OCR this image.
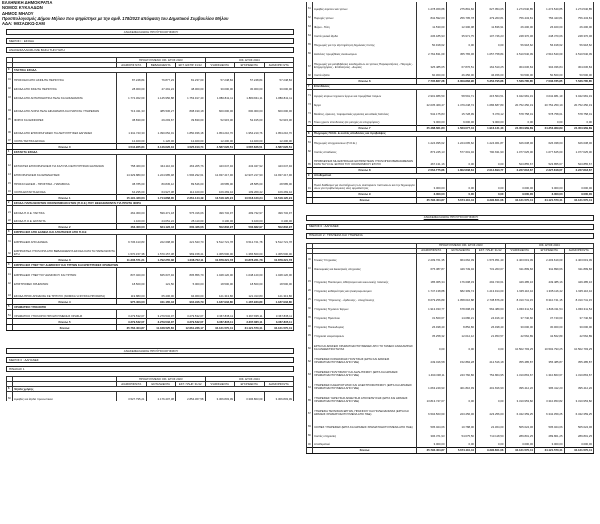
ΕΛΛΗΝΙΚΗ ΔΗΜΟΚΡΑΤΙΑ
ΝΟΜΟΣ ΚΥΚΛΑΔΩΝ
ΔΗΜΟΣ ΜΗΛΟΥ
Προϋπολογισμός Δήμου Μήλου που ψηφίστηκε με την αριθ. 178/2023 απόφαση του Δημοτικού Συμβουλίου Μήλου
ΑΔΑ: 9ΘΣΑΩΚΩ-ΣΑΜ
ΑΝΑΚΕΦΑΛΑΙΩΣΗ ΠΡΟΫΠΟΛΟΓΙΣΜΟΥ
ΜΕΡΟΣ Ι : ΕΣΟΔΑ
ΑΝΑΚΕΦΑΛΑΙΩΣΗ ΜΕ ΒΑΣΗ ΤΗΝ ΠΗΓΗ
		ΠΡΟΗΓΟΥΜΕΝΟ ΟΙΚ. ΕΤΟΣ 2023			ΟΙΚ. ΕΤΟΣ 2024		
		ΔΙΑΜΟΡΦ Ν/ΤΑ	ΒΕΒΑΙΩΘΕΝΤΑ	ΕΚΤ. ΕΙΣΠΡ. 31/12	ΨΗΦΙΣΘΕΝΤΑ	ΕΓΚΡΙΘΕΝΤΑ	ΔΙΑΜΟΡΦ Ν/ΤΑ
0	ΤΑΚΤΙΚΑ ΕΣΟΔΑ						
01	ΠΡΟΣΟΔΟΙ ΑΠΟ ΑΚΙΝΗΤΗ ΠΕΡΙΟΥΣΙΑ	87.248,84	76.877,23	81.237,00	57.248,84	57.248,84	57.248,84
02	ΕΣΟΔΑ ΑΠΟ ΚΙΝΗΤΗ ΠΕΡΙΟΥΣΙΑ	28.000,00	47.491,24	48.000,00	30.000,00	30.000,00	30.000,00
03	ΕΣΟΔΑ ΑΠΟ ΑΝΤΑΠΟΔΟΤΙΚΑ ΤΕΛΗ ΚΑΙ ΔΙΚΑΙΩΜΑΤΑ	1.772.302,69	1.145.950,88	1.753.917,40	1.880.841,11	1.880.841,11	1.880.841,11
04	ΕΣΟΔΑ ΑΠΟ ΛΟΙΠΑ ΤΕΛΗ ΔΙΚΑΙΩΜΑΤΑ ΚΑΙ ΠΑΡΟΧΗ ΥΠΗΡΕΣΙΩΝ	713.341,33	485.536,27	808.190,18	600.000,00	600.000,00	600.000,00
05	ΦΟΡΟΙ ΚΑΙ ΕΙΣΦΟΡΕΣ	38.830,00	29.293,67	39.830,00	52.915,00	52.915,00	52.915,00
06	ΕΣΟΔΑ ΑΠΟ ΕΠΙΧΟΡΗΓΗΣΕΙΣ ΓΙΑ ΛΕΙΤΟΥΡΓΙΚΕΣ ΔΑΠΑΝΕΣ	1.911.743,30	1.390.052,01	1.850.936,18	1.954.210,76	1.954.210,76	1.954.210,76
07	ΛΟΙΠΑ ΤΑΚΤΙΚΑ ΕΣΟΔΑ	12.400,00	1.126,00	12.400,00	12.400,00	12.400,00	12.400,00
	Σύνολο 0	4.544.965,84	3.146.626,34	4.525.013,74	4.587.626,51	4.587.626,51	4.587.626,51
1	ΕΚΤΑΚΤΑ ΕΣΟΔΑ						
12	ΕΚΤΑΚΤΕΣ ΕΠΙΧΟΡΗΓΗΣΕΙΣ ΓΙΑ ΚΑΛΥΨΗ ΛΕΙΤΟΥΡΓΙΚΩΝ ΔΑΠΑΝΩΝ	758.460,00	344.110,02	463.205,76	443.047,92	443.047,92	443.047,92
13	ΕΠΙΧΟΡΗΓΗΣΕΙΣ ΚΑΙ ΕΠΕΝΔΥΣΕΙΣ	14.329.880,63	1.224.985,48	1.596.292,61	12.937.217,90	12.937.217,90	12.937.217,90
15	ΠΡΟΣΑΥΞΗΣΕΙΣ - ΠΡΟΣΤΙΜΑ - ΠΑΡΑΒΟΛΑ	38.785,00	80.845,12	89.546,00	28.585,00	28.585,00	28.585,00
16	ΛΟΙΠΑ ΕΚΤΑΚΤΑ ΕΣΟΔΑ	64.295,00	64.927,38	112.100,00	109.269,42	109.269,42	109.269,42
	Σύνολο 1	15.191.420,63	1.714.868,00	2.261.144,49	13.518.120,24	13.518.120,24	13.518.120,24
2	ΕΣΟΔΑ ΠΑΡΕΛΘΟΝΤΩΝ ΟΙΚΟΝΟΜΙΚΩΝ ΕΤΩΝ (Π.Ο.Ε.) ΠΟΥ ΒΕΒΑΙΩΝΟΝΤΑΙ ΓΙΑ ΠΡΩΤΗ ΦΟΡΑ						
21	ΕΣΟΔΑ Π.Ο.Ε. ΤΑΚΤΙΚΑ	462.300,00	599.471,18	575.316,06	499.732,97	499.732,97	499.732,97
22	ΕΣΟΔΑ Π.Ο.Ε. ΕΚΤΑΚΤΑ	1.100,00	24.651,24	25.110,00	3.100,00	3.100,00	3.100,00
	Σύνολο 2	463.400,00	624.122,42	600.426,06	502.832,97	502.832,97	502.832,97
3	ΕΙΣΠΡΑΞΕΙΣ ΑΠΟ ΔΑΝΕΙΑ ΚΑΙ ΑΠΑΙΤΗΣΕΙΣ ΑΠΟ Π.Ο.Ε						
31	ΕΙΣΠΡΑΞΕΙΣ ΑΠΟ ΔΑΝΕΙΑ	9.736.413,83	222.098,00	221.543,70	9.512.721,78	9.512.721,78	9.512.721,78
32	ΕΙΣΠΡΑΚΤΕΑ ΥΠΟΛΟΙΠΑ ΑΠΟ ΒΕΒΑΙΩΘΕΝΤΑ ΕΣΟΔΑ ΚΑΤΑ ΤΑ ΠΑΡΕΛΘΟΝΤΑ ΕΤΗ	1.570.157,38	1.570.157,38	969.158,41	1.365.500,00	1.365.500,00	1.365.500,00
	Σύνολο 3	11.306.571,21	1.792.255,38	1.008.702,11	10.878.221,78	10.878.221,78	10.878.221,78
4	ΕΙΣΠΡΑΞΕΙΣ ΥΠΕΡ ΤΟΥ ΔΗΜΟΣΙΟΥ ΚΑΙ ΤΡΙΤΩΝ ΚΑΙ ΕΠΙΣΤΡΟΦΕΣ ΧΡΗΜΑΤΩΝ						
41	ΕΙΣΠΡΑΞΕΙΣ ΥΠΕΡ ΤΟΥ ΔΗΜΟΣΙΟΥ ΚΑΙ ΤΡΙΤΩΝ	837.020,00	845.637,92	805.856,79	1.048.120,00	1.048.120,00	1.048.120,00
42	ΕΠΙΣΤΡΟΦΕΣ ΧΡΗΜΑΤΩΝ	18.500,00	121,50	5.000,00	18.500,00	18.500,00	18.500,00
43	ΕΣΟΔΑ ΠΡΟΣ ΑΠΟΔΟΣΗ ΣΕ ΤΡΙΤΟΥΣ (ΝΟΜΙΚΑ Ή ΦΥΣΙΚΑ ΠΡΟΣΩΠΑ)	119.883,00	65.406,00	94.060,00	121.313,80	121.313,80	121.313,80
	Σύνολο 4	975.403,00	911.165,42	904.916,79	1.187.933,80	1.187.933,80	1.187.933,80
5	ΧΡΗΜΑΤΙΚΟ ΥΠΟΛΟΙΠΟ						
51	ΧΡΗΜΑΤΙΚΟ ΥΠΟΛΟΙΠΟ ΠΡΟΗΓΟΥΜΕΝΗΣ ΧΡΗΣΗΣ	3.279.532,07	3.279.532,07	3.279.532,07	3.367.835,11	3.367.835,11	3.367.835,11
	Σύνολο 5	3.279.532,07	3.279.532,07	3.279.532,07	3.367.835,11	3.367.835,11	3.367.835,11
	Σύνολα	35.762.404,87	11.168.525,60	12.661.236,17	34.121.570,41	34.121.570,41	34.121.570,41
ΑΝΑΚΕΦΑΛΑΙΩΣΗ ΠΡΟΫΠΟΛΟΓΙΣΜΟΥ
ΜΕΡΟΣ ΙΙ : ΔΑΠΑΝΕΣ
ΠΙΝΑΚΑΣ 1
		ΠΡΟΗΓΟΥΜΕΝΟ ΟΙΚ. ΕΤΟΣ 2023			ΟΙΚ. ΕΤΟΣ 2024		
		ΔΙΑΜΟΡΦ/Ν/ΤΑ	ΕΝΤΑΛΘΕΝΤΑ	ΕΚΤ. ΠΛΗΡ. 31/12	ΨΗΦΙΣΘΕΝΤΑ	ΕΓΚΡΙΘΕΝΤΑ	ΔΙΑΜΟΡΦ/Ν/ΤΑ
6	Έξοδα χρήσης						
60	Αμοιβές και έξοδα προσωπικού	3.527.795,21	2.176.407,38	2.854.367,58	3.306.803,09	3.306.803,09	3.306.803,09
61	Αμοιβές αιρετών και τρίτων	1.278.369,88	275.891,60	627.954,05	1.274.540,85	1.274.540,85	1.274.540,85
62	Παροχές τρίτων	842.592,00	256.795,78	479.263,81	756.443,81	756.443,81	756.443,81
63	Φόροι - Τέλη	11.530,00	12.300,08	11.836,91	26.400,00	26.400,00	26.400,00
64	Λοιπά γενικά έξοδα	236.185,93	35.971,75	107.746,23	248.370,06	248.370,06	248.370,06
65	Πληρωμές για την εξυπηρέτηση δημόσιας πίστης	50.918,62	0,00	0,00	56.918,62	56.918,62	56.918,62
66	Δαπάνες προμήθειας αναλωσίμων	2.762.831,09	455.765,06	1.057.758,84	2.510.540,09	2.510.540,09	2.510.540,09
67	Πληρωμές για μεταβιβάσεις εισοδημάτων σε τρίτους Παρακρατήσεις - Παροχές - Επιχορηγήσεις - Επιδοτήσεις - Δωρεές	325.485,05	67.876,51	162.510,25	304.036,84	304.036,84	304.036,84
68	Λοιπά έξοδα	60.300,00	46.456,00	46.456,00	50.500,00	50.500,00	50.500,00
	Σύνολο 6	7.735.867,28	3.009.883,96	5.352.795,86	7.536.785,85	7.536.785,85	7.536.785,85
7	Επενδύσεις						
71	Αγορές κτιρίων τεχνικών έργων και προμήθεια παγίων	2.901.986,50	58.591,71	215.564,51	3.042.981,19	3.042.981,19	3.042.981,19
73	Έργα	22.035.469,47	1.479.248,74	1.686.687,80	20.752.250,19	20.752.250,19	20.752.250,19
74	Μελέτες, έρευνες, πειραματικές εργασίες και ειδικές δαπάνες	542.175,83	15.728,99	5.379,12	578.758,01	578.758,01	578.758,01
75	Τόκοι χρεών επενδύσεις (σε μετοχές σε επιχειρήσεις)	9.000,00	9.000,00	9.000,00	0,00	0,00	0,00
	Σύνολο 7	25.488.661,80	1.563.077,44	1.916.131,43	24.353.969,89	24.353.969,89	24.353.969,89
8	Πληρωμές Π.Ο.Ε. & λοιπές αποδόσεις και προβλέψεις						
81	Πληρωμές υποχρεώσεων (Π.Ο.Ε.)	1.224.095,62	1.224.095,62	1.224.061,87	626.038,00	626.038,00	626.038,00
82	Λοιπές αποδόσεις	873.245,13	577.601,02	790.631,90	1.077.625,00	1.077.625,00	1.077.625,00
85	ΠΡΟΒΛΕΨΕΙΣ ΜΗ ΕΙΣΠΡΑΞΗΣ ΕΙΣΠΡΑΚΤΕΩΝ ΥΠΟΛΟΙΠΩΝ ΒΕΒΑΙΩΜΕΝΩΝ ΚΑΤΑ ΤΑ Π.Ο.Ε. ΕΝΤΟΣ ΤΟΥ ΟΙΚΟΝΟΜΙΚΟΥ ΕΤΟΥΣ	467.131,16	0,00	0,00	523.855,67	523.855,67	523.855,67
	Σύνολο 8	2.564.775,86	1.802.838,64	2.014.693,77	2.227.818,67	2.227.818,67	2.227.818,67
9	Αποθεματικό						
91	Ποσά διαθέσιμα για αναπλήρωση των ανεπαρκών πιστώσεων και την δημιουργία νέων για προβλεπόμενες νέες αρμοδιότητες	3.000,00	0,00	0,00	3.000,00	3.000,00	3.000,00
	Σύνολο 9	3.000,00	0,00	0,00	3.000,00	3.000,00	3.000,00
	Σύνολα	35.792.404,87	5.674.110,44	9.290.601,06	34.121.570,41	34.121.570,41	34.121.570,41
ΑΝΑΚΕΦΑΛΑΙΩΣΗ ΠΡΟΫΠΟΛΟΓΙΣΜΟΥ
ΜΕΡΟΣ ΙΙ : ΔΑΠΑΝΕΣ
ΠΙΝΑΚΑΣ 2 : ΤΡΑΠΕΖΙΑ ΚΑΙ ΥΠΗΡΕΣΙΑ
		ΠΡΟΗΓΟΥΜΕΝΟ ΟΙΚ. ΕΤΟΣ 2023			ΟΙΚ. ΕΤΟΣ 2024		
		ΔΙΑΜΟΡΦ/Ν/ΤΑ	ΕΝΤΑΛΘΕΝΤΑ	ΕΚΤ. ΠΛΗΡ. 31/12	ΨΗΦΙΣΘΕΝΤΑ	ΕΓΚΡΙΘΕΝΤΑ	ΔΙΑΜΟΡΦ/Ν/ΤΑ
00	Γενικές Υπηρεσίες	2.209.761,35	964.062,09	1.576.951,40	2.403.619,09	2.403.619,09	2.403.619,09
10	Οικονομικές και Διοικητικές υπηρεσίες	675.387,87	449.749,02	731.263,07	911.899,66	911.899,66	911.899,66
15	Υπηρεσίες Πολιτισμού, Αθλητισμού και κοινωνικής πολιτικής	185.065,34	176.008,33	292.740,61	449.485,16	449.485,16	449.485,16
20	Υπηρεσίες καθαριότητας και ηλεκτροφωτισμού	1.747.138,88	682.309,74	1.213.914,00	1.935.116,42	1.935.116,42	1.935.116,42
25	Υπηρεσίες Ύδρευσης - άρδευσης - αποχέτευσης	8.679.256,89	1.058.016,88	2.738.876,29	8.310.741,15	8.310.741,15	8.310.741,15
30	Υπηρεσίες Τεχνικών Έργων	1.913.033,77	678.608,33	562.489,60	1.846.311,54	1.846.311,54	1.846.311,54
35	Υπηρεσίες Πρασίνου	31.500,67	14.080,21	24.916,13	37.740,60	37.740,60	37.740,60
40	Υπηρεσίες Πολεοδομίας	26.498,40	8.852,80	26.498,40	30.000,00	30.000,00	30.000,00
45	Υπηρεσία νεκροταφείων	35.258,32	12.012,12	21.953,57	42.562,89	42.562,89	42.562,89
60	ΕΡΓΑ ΚΑΙ ΔΡΑΣΕΙΣ ΧΡΗΜΑΤΟΔΟΤΟΥΜΕΝΕΣ ΑΠΟ ΤΟ ΤΑΜΕΙΟ ΑΝΑΚΑΜΨΗΣ ΚΑΙ ΑΝΘΕΚΤΙΚΟΤΗΤΑΣ	0,00	0,00	0,00	10.502.793,25	10.502.793,25	10.502.793,25
62	ΥΠΗΡΕΣΙΕΣ ΚΟΙΝΩΝΙΚΗΣ ΠΟΛΙΤΙΚΗΣ (ΕΡΓΑ ΚΑΙ ΔΡΑΣΕΙΣ ΧΡΗΜΑΤΟΔΟΤΟΥΜΕΝΑ ΑΠΟ ΠΔΕ)	249.016,58	152.884,28	212.516,18	355.485,87	355.485,87	355.485,87
63	ΥΠΗΡΕΣΙΕΣ ΠΟΛΙΤΙΣΜΟΥ ΚΑΙ ΑΘΛΗΤΙΣΜΟΥ (ΕΡΓΑ ΚΑΙ ΔΡΑΣΕΙΣ ΧΡΗΜΑΤΟΔΟΤΟΥΜΕΝΑ ΑΠΟ ΠΔΕ)	1.490.338,11	243.760,80	752.864,95	1.310.863,67	1.310.863,67	1.310.863,67
64	ΥΠΗΡΕΣΙΕΣ ΚΑΘΑΡΙΟΤΗΤΑΣ ΚΑΙ ΗΛΕΚΤΡΟΦΩΤΙΣΜΟΥ (ΕΡΓΑ ΚΑΙ ΔΡΑΣΕΙΣ ΧΡΗΜΑΤΟΔΟΤΟΥΜΕΝΑ ΑΠΟ ΠΔΕ)	1.663.249,93	401.816,99	401.816,99	395.412,20	395.412,20	395.412,20
65	ΥΠΗΡΕΣΙΕΣ ΥΔΡΕΥΣΗΣ ΑΡΔΕΥΣΗΣ ΑΠΟΧΕΤΕΥΣΗΣ (ΕΡΓΑ ΚΑΙ ΔΡΑΣΕΙΣ ΧΡΗΜΑΤΟΔΟΤΟΥΜΕΝΑ ΑΠΟ ΠΔΕ)	13.813.747,07	0,00	0,00	3.310.953,82	3.310.953,82	3.310.953,82
67	ΥΠΗΡΕΣΙΑ ΤΕΧΝΙΚΩΝ ΕΡΓΩΝ, ΠΡΑΣΙΝΟΥ ΚΑΙ ΠΟΛΕΟΔΟΜΙΑΣ (ΕΡΓΑ ΚΑΙ ΔΡΑΣΕΙΣ ΧΡΗΜΑΤΟΔΟΤΟΥΜΕΝΑ ΑΠΟ ΠΔΕ)	6.504.563,60	223.256,00	223.256,00	6.342.359,25	6.342.359,25	6.342.359,25
69	ΛΟΙΠΕΣ ΥΠΗΡΕΣΙΕΣ (ΕΡΓΑ ΚΑΙ ΔΡΑΣΕΙΣ ΧΡΗΜΑΤΟΔΟΤΟΥΜΕΝΑ ΑΠΟ ΠΔΕ)	505.024,06	10.788,00	22.364,00	505.024,06	505.024,06	505.024,06
80	Λοιπές υπηρεσίες	306.371,93	54.675,50	713.118,50	289.801,25	289.801,25	289.801,25
90	Αποθεματικό	3.000,00	0,00	0,00	3.000,00	3.000,00	3.000,00
	Σύνολα	35.792.404,87	5.674.110,44	9.290.601,06	34.121.570,41	34.121.570,41	34.121.570,41
